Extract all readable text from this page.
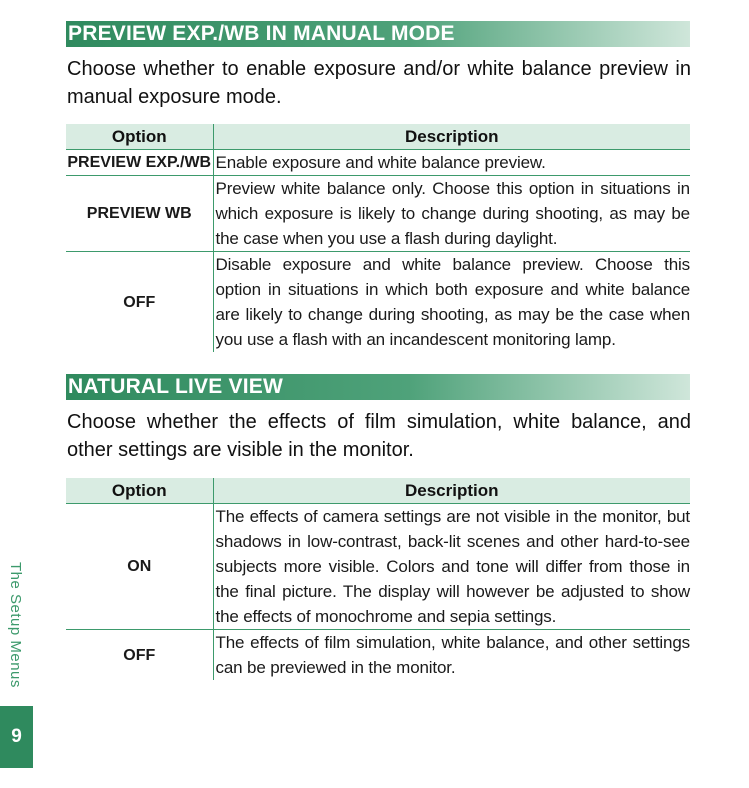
PREVIEW EXP./WB IN MANUAL MODE
Choose whether to enable exposure and/or white balance preview in manual exposure mode.
Option	Description
PREVIEW EXP./WB	Enable exposure and white balance preview.
PREVIEW WB	Preview white balance only. Choose this option in situations in which exposure is likely to change during shooting, as may be the case when you use a flash during daylight.
OFF	Disable exposure and white balance preview. Choose this option in situations in which both exposure and white balance are likely to change during shooting, as may be the case when you use a flash with an incandescent monitoring lamp.
NATURAL LIVE VIEW
Choose whether the effects of film simulation, white balance, and other settings are visible in the monitor.
Option	Description
ON	The effects of camera settings are not visible in the monitor, but shadows in low-contrast, back-lit scenes and other hard-to-see subjects more visible. Colors and tone will differ from those in the final picture. The display will however be adjusted to show the effects of monochrome and sepia settings.
OFF	The effects of film simulation, white balance, and other settings can be previewed in the monitor.
The Setup Menus
9
